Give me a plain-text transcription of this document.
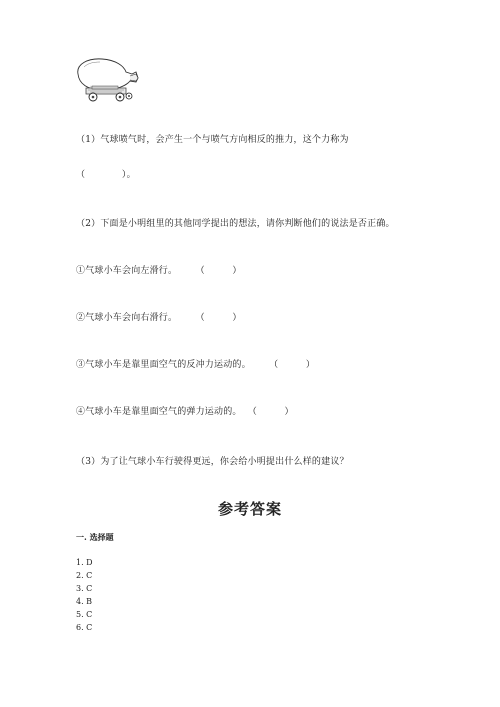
（1）气球喷气时，会产生一个与喷气方向相反的推力，这个力称为
（            ）。
（2）下面是小明组里的其他同学提出的想法，请你判断他们的说法是否正确。
①气球小车会向左滑行。      （         ）
②气球小车会向右滑行。      （         ）
③气球小车是靠里面空气的反冲力运动的。      （         ）
④气球小车是靠里面空气的弹力运动的。  （         ）
（3）为了让气球小车行驶得更远，你会给小明提出什么样的建议？
参考答案
一. 选择题
1. D
2. C
3. C
4. B
5. C
6. C
